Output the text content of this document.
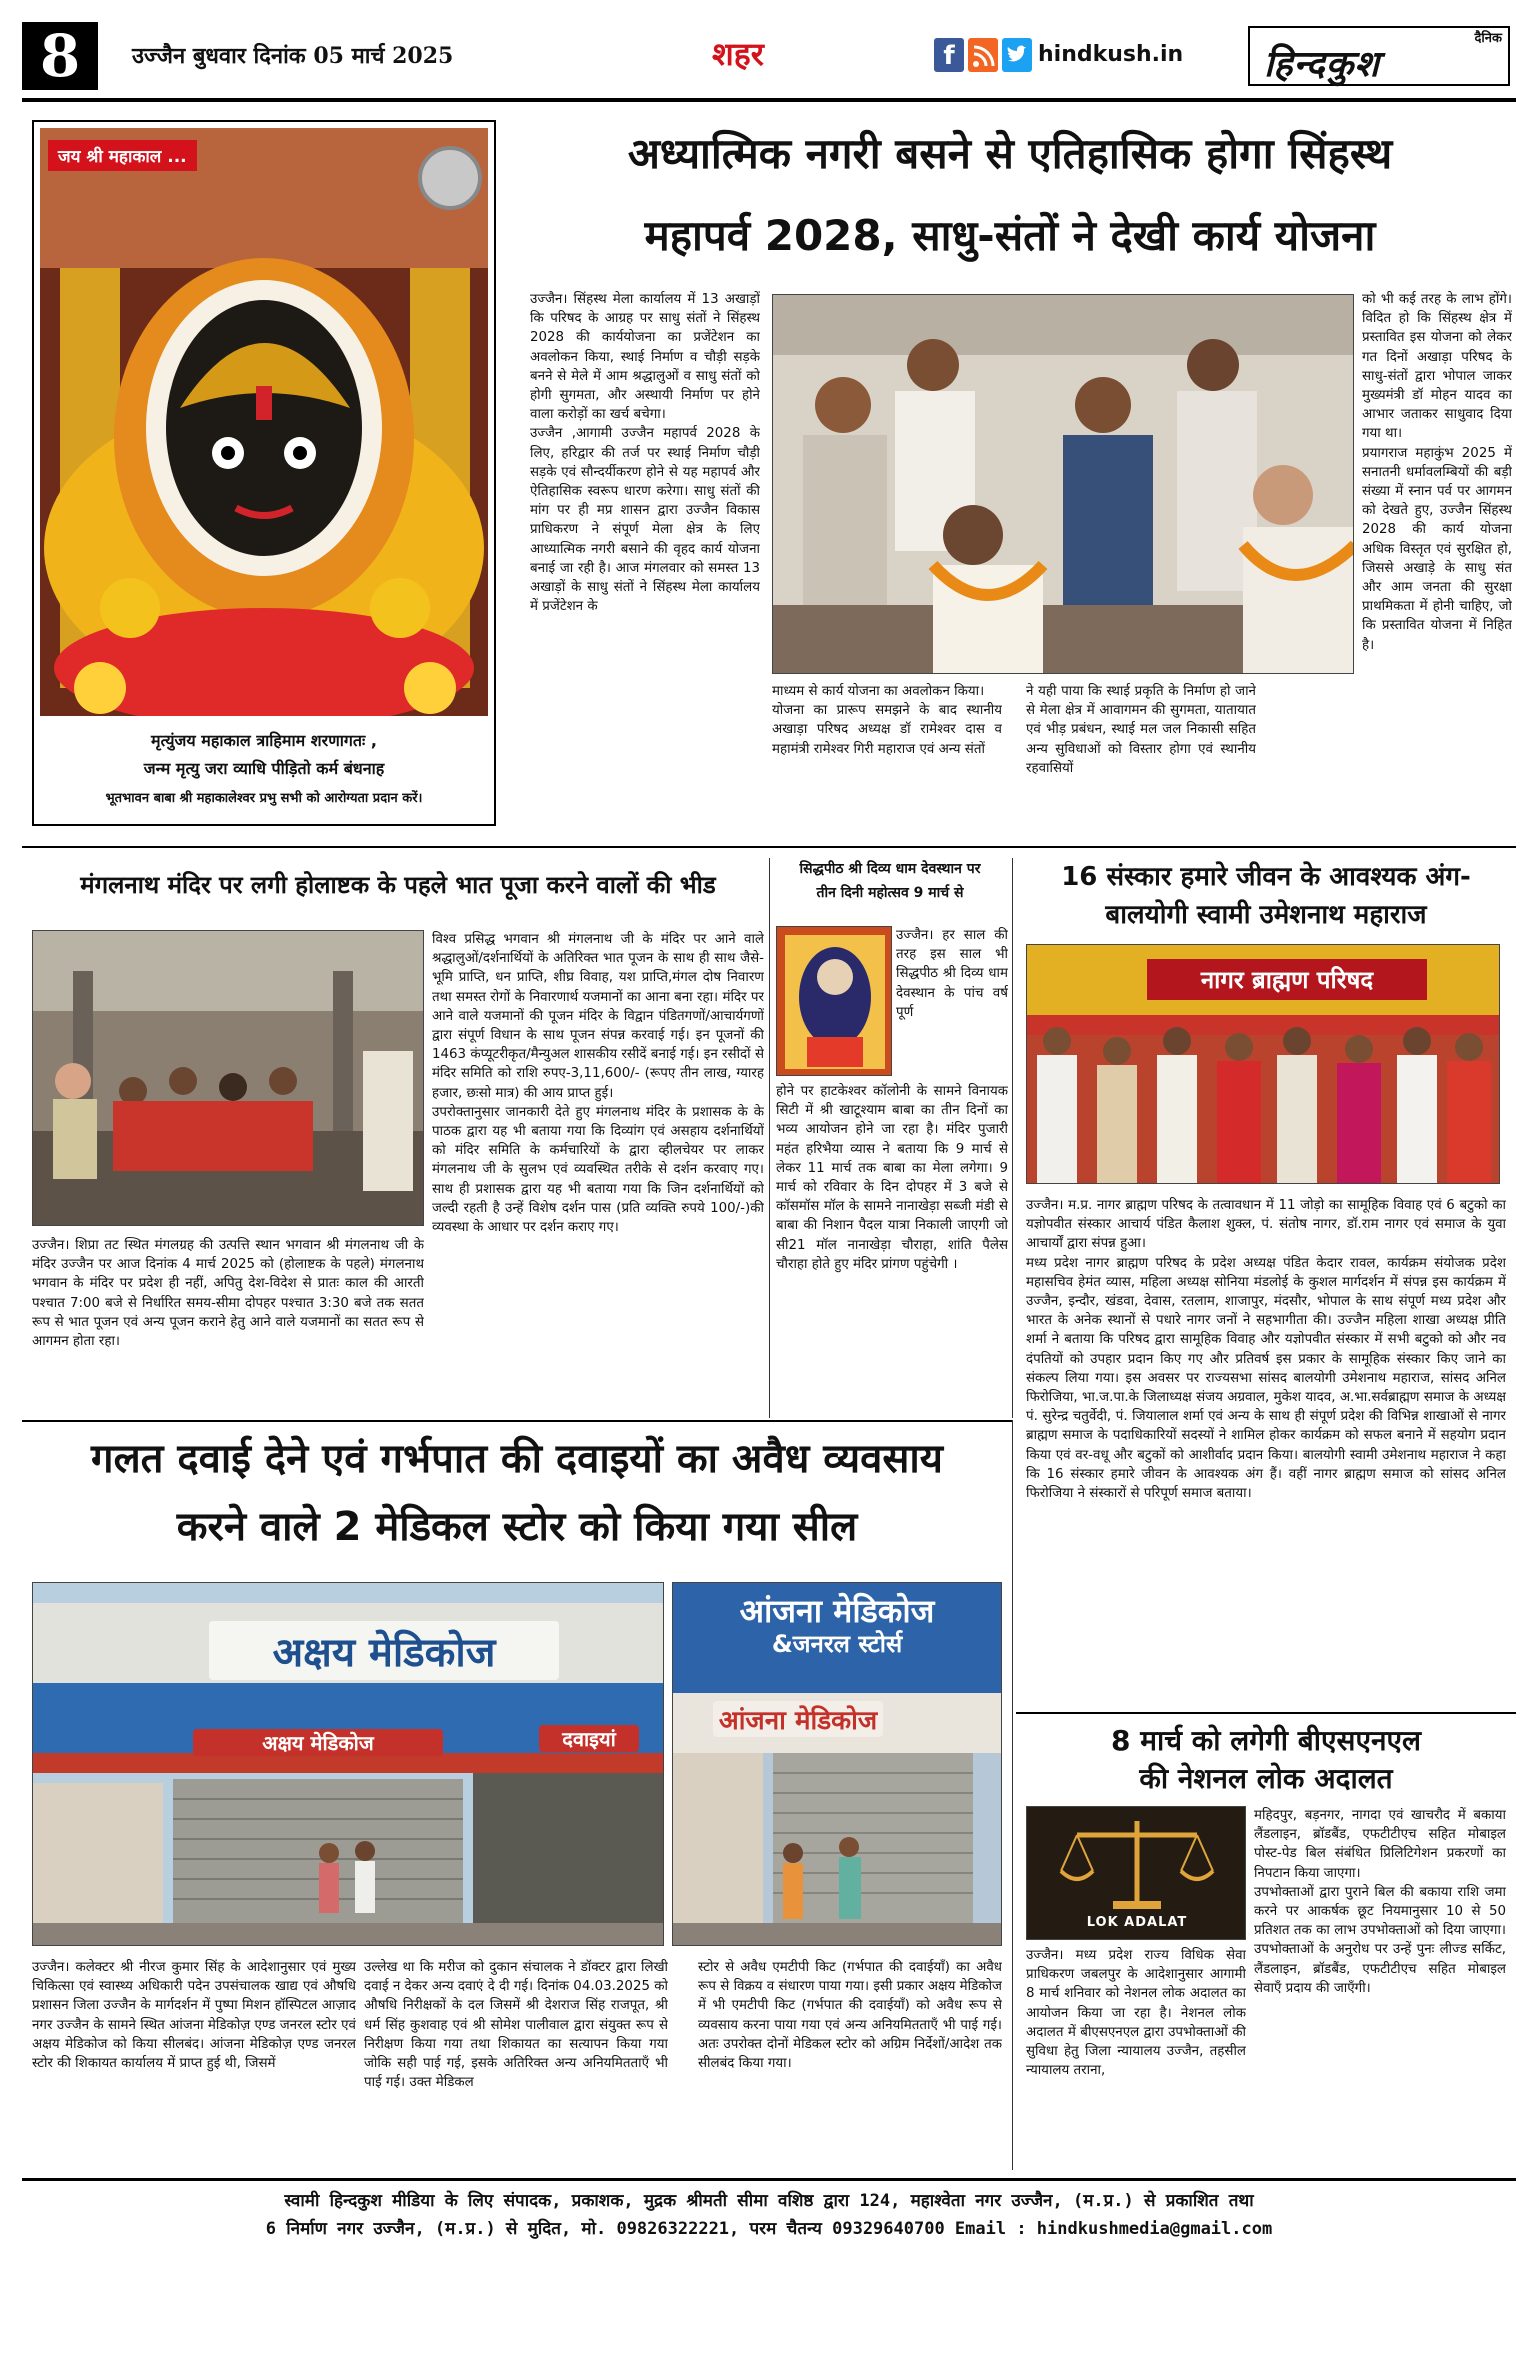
8	उज्जैन बुधवार दिनांक 05 मार्च 2025	शहर	f	hindkush.in
दैनिक
हिन्दकुश
जय श्री महाकाल ...
मृत्युंजय महाकाल त्राहिमाम शरणागतः ,
जन्म मृत्यु जरा व्याधि पीड़ितो कर्म बंधनाह
भूतभावन बाबा श्री महाकालेश्वर प्रभु सभी को आरोग्यता प्रदान करें।
अध्यात्मिक नगरी बसने से एतिहासिक होगा सिंहस्थ
महापर्व 2028, साधु-संतों ने देखी कार्य योजना
उज्जैन। सिंहस्थ मेला कार्यालय में 13 अखाड़ों कि परिषद के आग्रह पर साधु संतों ने सिंहस्थ 2028 की कार्ययोजना का प्रजेंटेशन का अवलोकन किया, स्थाई निर्माण व चौड़ी सड़के बनने से मेले में आम श्रद्धालुओं व साधु संतों को होगी सुगमता, और अस्थायी निर्माण पर होने वाला करोड़ों का खर्च बचेगा।
उज्जैन ,आगामी उज्जैन महापर्व 2028 के लिए, हरिद्वार की तर्ज पर स्थाई निर्माण चौड़ी सड़के एवं सौन्दर्यीकरण होने से यह महापर्व और ऐतिहासिक स्वरूप धारण करेगा। साधु संतों की मांग पर ही मप्र शासन द्वारा उज्जैन विकास प्राधिकरण ने संपूर्ण मेला क्षेत्र के लिए आध्यात्मिक नगरी बसाने की वृहद कार्य योजना बनाई जा रही है। आज मंगलवार को समस्त 13 अखाड़ों के साधु संतों ने सिंहस्थ मेला कार्यालय में प्रजेंटेशन के
माध्यम से कार्य योजना का अवलोकन किया।
योजना का प्रारूप समझने के बाद स्थानीय अखाड़ा परिषद अध्यक्ष डॉ रामेश्वर दास व महामंत्री रामेश्वर गिरी महाराज एवं अन्य संतों
ने यही पाया कि स्थाई प्रकृति के निर्माण हो जाने से मेला क्षेत्र में आवागमन की सुगमता, यातायात एवं भीड़ प्रबंधन, स्थाई मल जल निकासी सहित अन्य सुविधाओं को विस्तार होगा एवं स्थानीय रहवासियों
को भी कई तरह के लाभ होंगे। विदित हो कि सिंहस्थ क्षेत्र में प्रस्तावित इस योजना को लेकर गत दिनों अखाड़ा परिषद के साधु-संतों द्वारा भोपाल जाकर मुख्यमंत्री डॉ मोहन यादव का आभार जताकर साधुवाद दिया गया था।
प्रयागराज महाकुंभ 2025 में सनातनी धर्मावलम्बियों की बड़ी संख्या में स्नान पर्व पर आगमन को देखते हुए, उज्जैन सिंहस्थ 2028 की कार्य योजना अधिक विस्तृत एवं सुरक्षित हो, जिससे अखाड़े के साधु संत और आम जनता की सुरक्षा प्राथमिकता में होनी चाहिए, जो कि प्रस्तावित योजना में निहित है।
मंगलनाथ मंदिर पर लगी होलाष्टक के पहले भात पूजा करने वालों की भीड
उज्जैन। शिप्रा तट स्थित मंगलग्रह की उत्पत्ति स्थान भगवान श्री मंगलनाथ जी के मंदिर उज्जैन पर आज दिनांक 4 मार्च 2025 को (होलाष्टक के पहले) मंगलनाथ भगवान के मंदिर पर प्रदेश ही नहीं, अपितु देश-विदेश से प्रातः काल की आरती पश्चात 7:00 बजे से निर्धारित समय-सीमा दोपहर पश्चात 3:30 बजे तक सतत रूप से भात पूजन एवं अन्य पूजन कराने हेतु आने वाले यजमानों का सतत रूप से आगमन होता रहा।
विश्व प्रसिद्ध भगवान श्री मंगलनाथ जी के मंदिर पर आने वाले श्रद्धालुओं/दर्शनार्थियों के अतिरिक्त भात पूजन के साथ ही साथ जैसे- भूमि प्राप्ति, धन प्राप्ति, शीघ्र विवाह, यश प्राप्ति,मंगल दोष निवारण तथा समस्त रोगों के निवारणार्थ यजमानों का आना बना रहा। मंदिर पर आने वाले यजमानों की पूजन मंदिर के विद्वान पंडितगणों/आचार्यगणों द्वारा संपूर्ण विधान के साथ पूजन संपन्न करवाई गई। इन पूजनों की 1463 कंप्यूटरीकृत/मैन्युअल शासकीय रसीदें बनाई गई। इन रसीदों से मंदिर समिति को राशि रुपए-3,11,600/- (रूपए तीन लाख, ग्यारह हजार, छःसो मात्र) की आय प्राप्त हुई।
उपरोक्तानुसार जानकारी देते हुए मंगलनाथ मंदिर के प्रशासक के के पाठक द्वारा यह भी बताया गया कि दिव्यांग एवं असहाय दर्शनार्थियों को मंदिर समिति के कर्मचारियों के द्वारा व्हीलचेयर पर लाकर मंगलनाथ जी के सुलभ एवं व्यवस्थित तरीके से दर्शन करवाए गए। साथ ही प्रशासक द्वारा यह भी बताया गया कि जिन दर्शनार्थियों को जल्दी रहती है उन्हें विशेष दर्शन पास (प्रति व्यक्ति रुपये 100/-)की व्यवस्था के आधार पर दर्शन कराए गए।
सिद्धपीठ श्री दिव्य धाम देवस्थान पर
तीन दिनी महोत्सव 9 मार्च से
उज्जैन। हर साल की तरह इस साल भी सिद्धपीठ श्री दिव्य धाम देवस्थान के पांच वर्ष पूर्ण
होने पर हाटकेश्वर कॉलोनी के सामने विनायक सिटी में श्री खाटूश्याम बाबा का तीन दिनों का भव्य आयोजन होने जा रहा है। मंदिर पुजारी महंत हरिभैया व्यास ने बताया कि 9 मार्च से लेकर 11 मार्च तक बाबा का मेला लगेगा। 9 मार्च को रविवार के दिन दोपहर में 3 बजे से कॉसमॉस मॉल के सामने नानाखेड़ा सब्जी मंडी से बाबा की निशान पैदल यात्रा निकाली जाएगी जो सी21 मॉल नानाखेड़ा चौराहा, शांति पैलेस चौराहा होते हुए मंदिर प्रांगण पहुंचेगी ।
16 संस्कार हमारे जीवन के आवश्यक अंग-
बालयोगी स्वामी उमेशनाथ महाराज
नागर ब्राह्मण परिषद
उज्जैन। म.प्र. नागर ब्राह्मण परिषद के तत्वावधान में 11 जोड़ो का सामूहिक विवाह एवं 6 बटुको का यज्ञोपवीत संस्कार आचार्य पंडित कैलाश शुक्ल, पं. संतोष नागर, डॉ.राम नागर एवं समाज के युवा आचार्यों द्वारा संपन्न हुआ।
मध्य प्रदेश नागर ब्राह्मण परिषद के प्रदेश अध्यक्ष पंडित केदार रावल, कार्यक्रम संयोजक प्रदेश महासचिव हेमंत व्यास, महिला अध्यक्ष सोनिया मंडलोई के कुशल मार्गदर्शन में संपन्न इस कार्यक्रम में उज्जैन, इन्दौर, खंडवा, देवास, रतलाम, शाजापुर, मंदसौर, भोपाल के साथ संपूर्ण मध्य प्रदेश और भारत के अनेक स्थानों से पधारे नागर जनों ने सहभागीता की। उज्जैन महिला शाखा अध्यक्ष प्रीति शर्मा ने बताया कि परिषद द्वारा सामूहिक विवाह और यज्ञोपवीत संस्कार में सभी बटुको को और नव दंपतियों को उपहार प्रदान किए गए और प्रतिवर्ष इस प्रकार के सामूहिक संस्कार किए जाने का संकल्प लिया गया। इस अवसर पर राज्यसभा सांसद बालयोगी उमेशनाथ महाराज, सांसद अनिल फिरोजिया, भा.ज.पा.के जिलाध्यक्ष संजय अग्रवाल, मुकेश यादव, अ.भा.सर्वब्राह्मण समाज के अध्यक्ष पं. सुरेन्द्र चतुर्वेदी, पं. जियालाल शर्मा एवं अन्य के साथ ही संपूर्ण प्रदेश की विभिन्न शाखाओं से नागर ब्राह्मण समाज के पदाधिकारियों सदस्यों ने शामिल होकर कार्यक्रम को सफल बनाने में सहयोग प्रदान किया एवं वर-वधू और बटुकों को आशीर्वाद प्रदान किया। बालयोगी स्वामी उमेशनाथ महाराज ने कहा कि 16 संस्कार हमारे जीवन के आवश्यक अंग हैं। वहीं नागर ब्राह्मण समाज को सांसद अनिल फिरोजिया ने संस्कारों से परिपूर्ण समाज बताया।
गलत दवाई देने एवं गर्भपात की दवाइयों का अवैध व्यवसाय
करने वाले 2 मेडिकल स्टोर को किया गया सील
अक्षय मेडिकोज
अक्षय मेडिकोज	दवाइयां
आंजना मेडिकोज
&जनरल स्टोर्स
आंजना मेडिकोज
उज्जैन। कलेक्टर श्री नीरज कुमार सिंह के आदेशानुसार एवं मुख्य चिकित्सा एवं स्वास्थ्य अधिकारी पदेन उपसंचालक खाद्य एवं औषधि प्रशासन जिला उज्जैन के मार्गदर्शन में पुष्पा मिशन हॉस्पिटल आज़ाद नगर उज्जैन के सामने स्थित आंजना मेडिकोज़ एण्ड जनरल स्टोर एवं अक्षय मेडिकोज को किया सीलबंद। आंजना मेडिकोज़ एण्ड जनरल स्टोर की शिकायत कार्यालय में प्राप्त हुई थी, जिसमें
उल्लेख था कि मरीज को दुकान संचालक ने डॉक्टर द्वारा लिखी दवाई न देकर अन्य दवाएं दे दी गई। दिनांक 04.03.2025 को औषधि निरीक्षकों के दल जिसमें श्री देशराज सिंह राजपूत, श्री धर्म सिंह कुशवाह एवं श्री सोमेश पालीवाल द्वारा संयुक्त रूप से निरीक्षण किया गया तथा शिकायत का सत्यापन किया गया जोकि सही पाई गई, इसके अतिरिक्त अन्य अनियमितताएँ भी पाई गई। उक्त मेडिकल
स्टोर से अवैध एमटीपी किट (गर्भपात की दवाईयाँ) का अवैध रूप से विक्रय व संधारण पाया गया। इसी प्रकार अक्षय मेडिकोज में भी एमटीपी किट (गर्भपात की दवाईयाँ) को अवैध रूप से व्यवसाय करना पाया गया एवं अन्य अनियमितताएँ भी पाई गई। अतः उपरोक्त दोनों मेडिकल स्टोर को अग्रिम निर्देशों/आदेश तक सीलबंद किया गया।
8 मार्च को लगेगी बीएसएनएल
की नेशनल लोक अदालत
LOK ADALAT
महिदपुर, बड़नगर, नागदा एवं खाचरौद में बकाया लैंडलाइन, ब्रॉडबैंड, एफटीटीएच सहित मोबाइल पोस्ट-पेड बिल संबंधित प्रिलिटिगेशन प्रकरणों का निपटान किया जाएगा।
उपभोक्ताओं द्वारा पुराने बिल की बकाया राशि जमा करने पर आकर्षक छूट नियमानुसार 10 से 50 प्रतिशत तक का लाभ उपभोक्ताओं को दिया जाएगा। उपभोक्ताओं के अनुरोध पर उन्हें पुनः लीज्ड सर्किट, लैंडलाइन, ब्रॉडबैंड, एफटीटीएच सहित मोबाइल सेवाएँ प्रदाय की जाएँगी।
उज्जैन। मध्य प्रदेश राज्य विधिक सेवा प्राधिकरण जबलपुर के आदेशानुसार आगामी 8 मार्च शनिवार को नेशनल लोक अदालत का आयोजन किया जा रहा है। नेशनल लोक अदालत में बीएसएनएल द्वारा उपभोक्ताओं की सुविधा हेतु जिला न्यायालय उज्जैन, तहसील न्यायालय तराना,
स्वामी हिन्दकुश मीडिया के लिए संपादक, प्रकाशक, मुद्रक श्रीमती सीमा वशिष्ठ द्वारा 124, महाश्वेता नगर उज्जैन, (म.प्र.) से प्रकाशित तथा
6 निर्माण नगर उज्जैन, (म.प्र.) से मुदित, मो. 09826322221, परम चैतन्य 09329640700 Email : hindkushmedia@gmail.com
